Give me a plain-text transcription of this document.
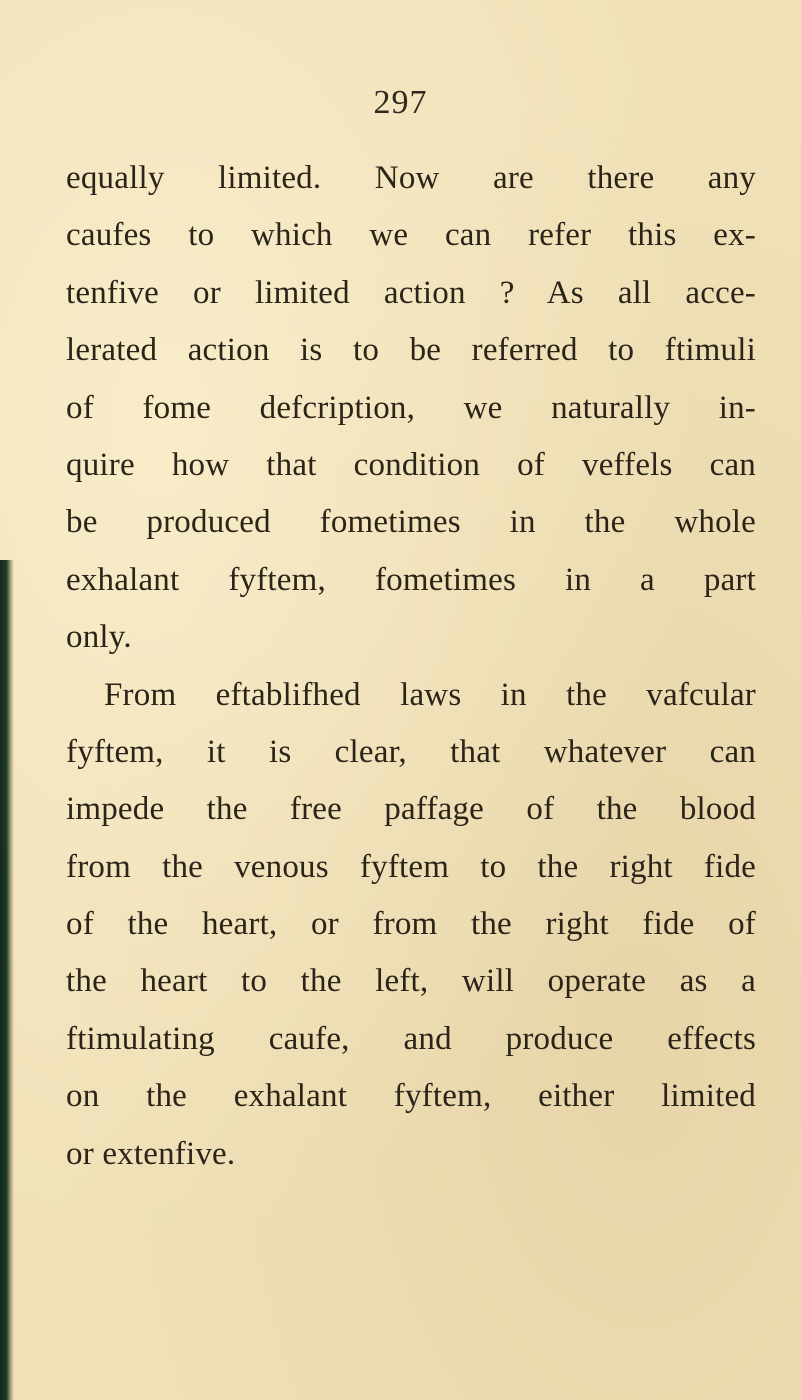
297
equally limited. Now are there any
caufes to which we can refer this ex-
tenfive or limited action ? As all acce-
lerated action is to be referred to ftimuli
of fome defcription, we naturally in-
quire how that condition of veffels can
be produced fometimes in the whole
exhalant fyftem, fometimes in a part
only.
From eftablifhed laws in the vafcular
fyftem, it is clear, that whatever can
impede the free paffage of the blood
from the venous fyftem to the right fide
of the heart, or from the right fide of
the heart to the left, will operate as a
ftimulating caufe, and produce effects
on the exhalant fyftem, either limited
or extenfive.
